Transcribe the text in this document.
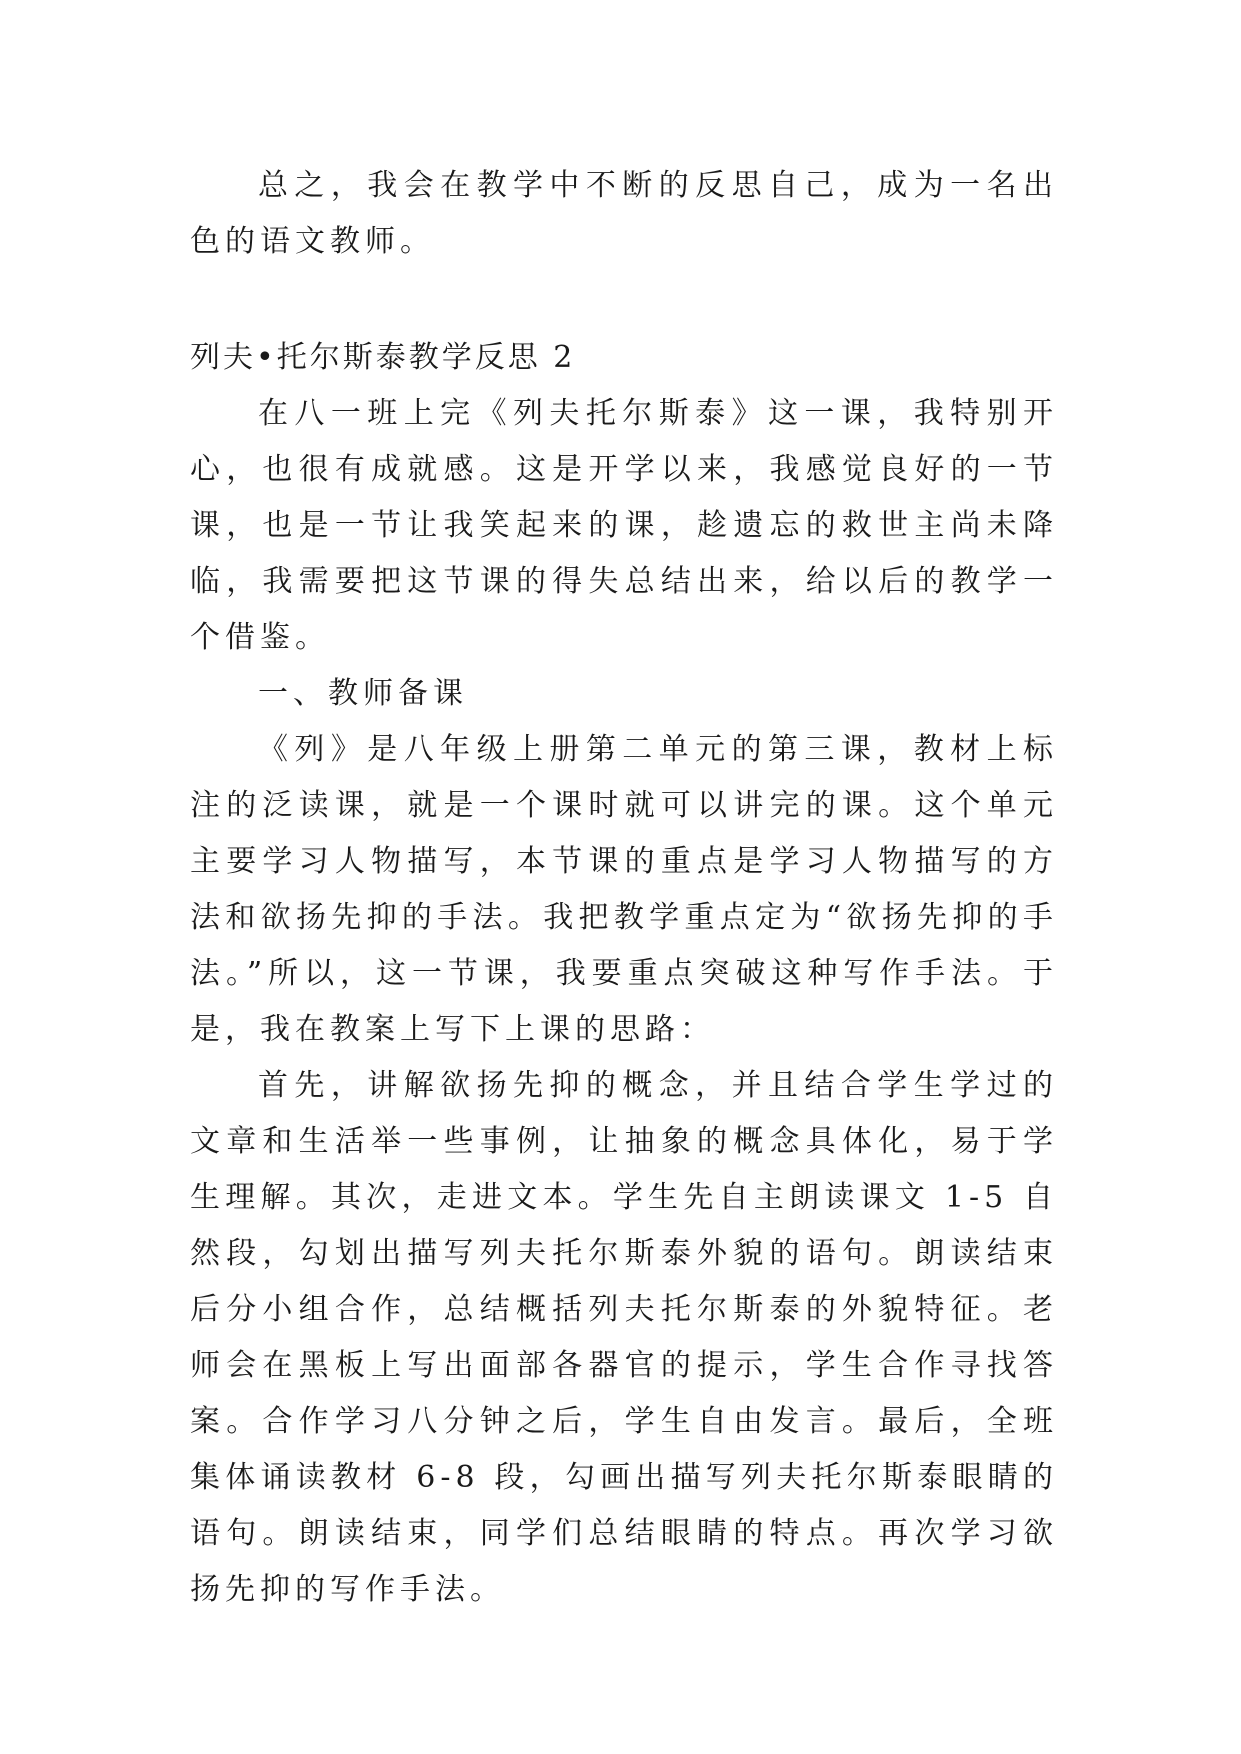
总之，我会在教学中不断的反思自己，成为一名出色的语文教师。

列夫•托尔斯泰教学反思 2

在八一班上完《列夫托尔斯泰》这一课，我特别开心，也很有成就感。这是开学以来，我感觉良好的一节课，也是一节让我笑起来的课，趁遗忘的救世主尚未降临，我需要把这节课的得失总结出来，给以后的教学一个借鉴。

一、教师备课

《列》是八年级上册第二单元的第三课，教材上标注的泛读课，就是一个课时就可以讲完的课。这个单元主要学习人物描写，本节课的重点是学习人物描写的方法和欲扬先抑的手法。我把教学重点定为“欲扬先抑的手法。”所以，这一节课，我要重点突破这种写作手法。于是，我在教案上写下上课的思路：

首先，讲解欲扬先抑的概念，并且结合学生学过的文章和生活举一些事例，让抽象的概念具体化，易于学生理解。其次，走进文本。学生先自主朗读课文 1-5 自然段，勾划出描写列夫托尔斯泰外貌的语句。朗读结束后分小组合作，总结概括列夫托尔斯泰的外貌特征。老师会在黑板上写出面部各器官的提示，学生合作寻找答案。合作学习八分钟之后，学生自由发言。最后，全班集体诵读教材 6-8 段，勾画出描写列夫托尔斯泰眼睛的语句。朗读结束，同学们总结眼睛的特点。再次学习欲扬先抑的写作手法。
